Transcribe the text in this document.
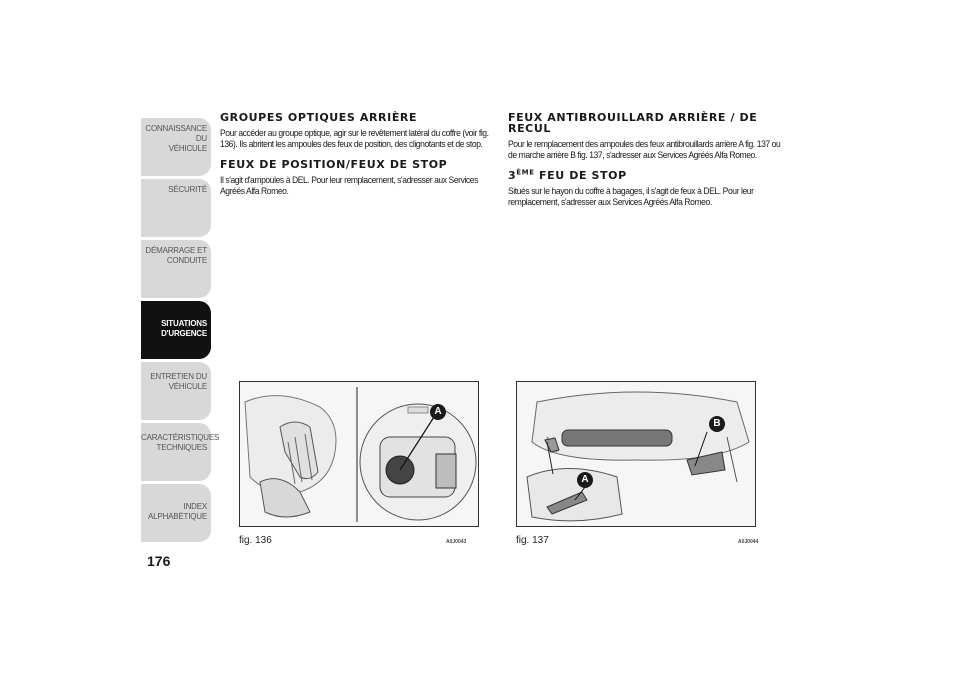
CONNAISSANCE DU
VÉHICULE
SÉCURITÉ
DÉMARRAGE ET
CONDUITE
SITUATIONS
D'URGENCE
ENTRETIEN DU
VÉHICULE
CARACTÉRISTIQUES
TECHNIQUES
INDEX
ALPHABÉTIQUE
176
GROUPES OPTIQUES ARRIÈRE

Pour accéder au groupe optique, agir sur le revêtement latéral du coffre (voir fig. 136). Ils abritent les ampoules des feux de position, des clignotants et de stop.

FEUX DE POSITION/FEUX DE STOP

Il s'agit d'ampoules à DEL. Pour leur remplacement, s'adresser aux Services Agréés Alfa Romeo.

FEUX ANTIBROUILLARD ARRIÈRE / DE RECUL

Pour le remplacement des ampoules des feux antibrouillards arrière A fig. 137 ou de marche arrière B fig. 137, s'adresser aux Services Agréés Alfa Romeo.

3ÈME FEU DE STOP

Situés sur le hayon du coffre à bagages, il s'agit de feux à DEL. Pour leur remplacement, s'adresser aux Services Agréés Alfa Romeo.

A
fig. 136	A0J0043
B
A
fig. 137	A0J0044
